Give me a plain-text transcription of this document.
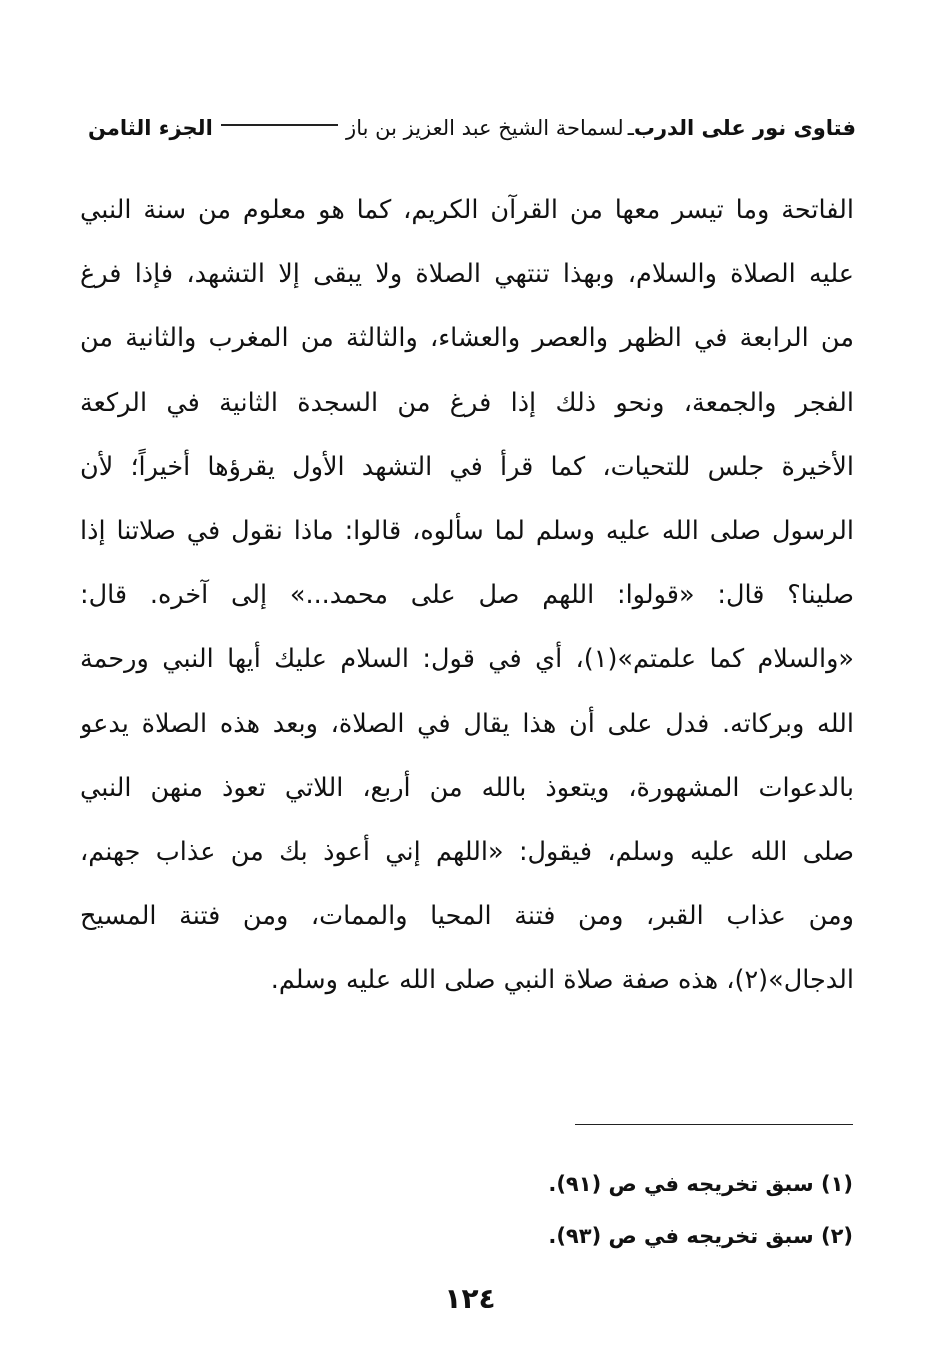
فتاوى نور على الدرب
ـ
لسماحة الشيخ عبد العزيز بن باز
الجزء الثامن
الفاتحة وما تيسر معها من القرآن الكريم، كما هو معلوم من سنة النبي
عليه الصلاة والسلام، وبهذا تنتهي الصلاة ولا يبقى إلا التشهد، فإذا فرغ
من الرابعة في الظهر والعصر والعشاء، والثالثة من المغرب والثانية من
الفجر والجمعة، ونحو ذلك إذا فرغ من السجدة الثانية في الركعة
الأخيرة جلس للتحيات، كما قرأ في التشهد الأول يقرؤها أخيراً؛ لأن
الرسول صلى الله عليه وسلم لما سألوه، قالوا: ماذا نقول في صلاتنا إذا
صلينا؟ قال: «قولوا: اللهم صل على محمد...» إلى آخره. قال:
«والسلام كما علمتم»(١)، أي في قول: السلام عليك أيها النبي ورحمة
الله وبركاته. فدل على أن هذا يقال في الصلاة، وبعد هذه الصلاة يدعو
بالدعوات المشهورة، ويتعوذ بالله من أربع، اللاتي تعوذ منهن النبي
صلى الله عليه وسلم، فيقول: «اللهم إني أعوذ بك من عذاب جهنم،
ومن عذاب القبر، ومن فتنة المحيا والممات، ومن فتنة المسيح
الدجال»(٢)، هذه صفة صلاة النبي صلى الله عليه وسلم.
(١) سبق تخريجه في ص (٩١).
(٢) سبق تخريجه في ص (٩٣).
١٢٤
